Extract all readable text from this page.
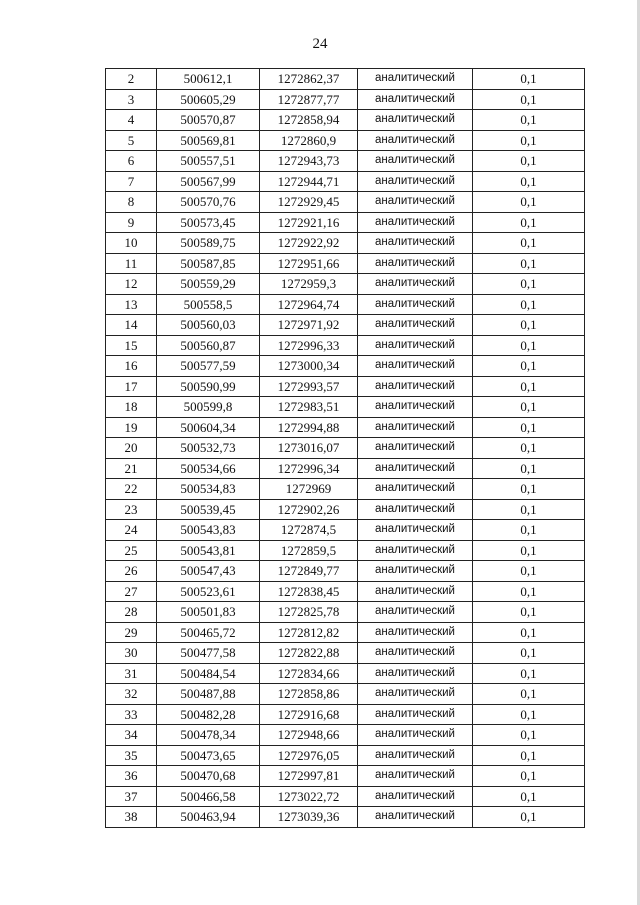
24
2	500612,1	1272862,37	аналитический	0,1
3	500605,29	1272877,77	аналитический	0,1
4	500570,87	1272858,94	аналитический	0,1
5	500569,81	1272860,9	аналитический	0,1
6	500557,51	1272943,73	аналитический	0,1
7	500567,99	1272944,71	аналитический	0,1
8	500570,76	1272929,45	аналитический	0,1
9	500573,45	1272921,16	аналитический	0,1
10	500589,75	1272922,92	аналитический	0,1
11	500587,85	1272951,66	аналитический	0,1
12	500559,29	1272959,3	аналитический	0,1
13	500558,5	1272964,74	аналитический	0,1
14	500560,03	1272971,92	аналитический	0,1
15	500560,87	1272996,33	аналитический	0,1
16	500577,59	1273000,34	аналитический	0,1
17	500590,99	1272993,57	аналитический	0,1
18	500599,8	1272983,51	аналитический	0,1
19	500604,34	1272994,88	аналитический	0,1
20	500532,73	1273016,07	аналитический	0,1
21	500534,66	1272996,34	аналитический	0,1
22	500534,83	1272969	аналитический	0,1
23	500539,45	1272902,26	аналитический	0,1
24	500543,83	1272874,5	аналитический	0,1
25	500543,81	1272859,5	аналитический	0,1
26	500547,43	1272849,77	аналитический	0,1
27	500523,61	1272838,45	аналитический	0,1
28	500501,83	1272825,78	аналитический	0,1
29	500465,72	1272812,82	аналитический	0,1
30	500477,58	1272822,88	аналитический	0,1
31	500484,54	1272834,66	аналитический	0,1
32	500487,88	1272858,86	аналитический	0,1
33	500482,28	1272916,68	аналитический	0,1
34	500478,34	1272948,66	аналитический	0,1
35	500473,65	1272976,05	аналитический	0,1
36	500470,68	1272997,81	аналитический	0,1
37	500466,58	1273022,72	аналитический	0,1
38	500463,94	1273039,36	аналитический	0,1
